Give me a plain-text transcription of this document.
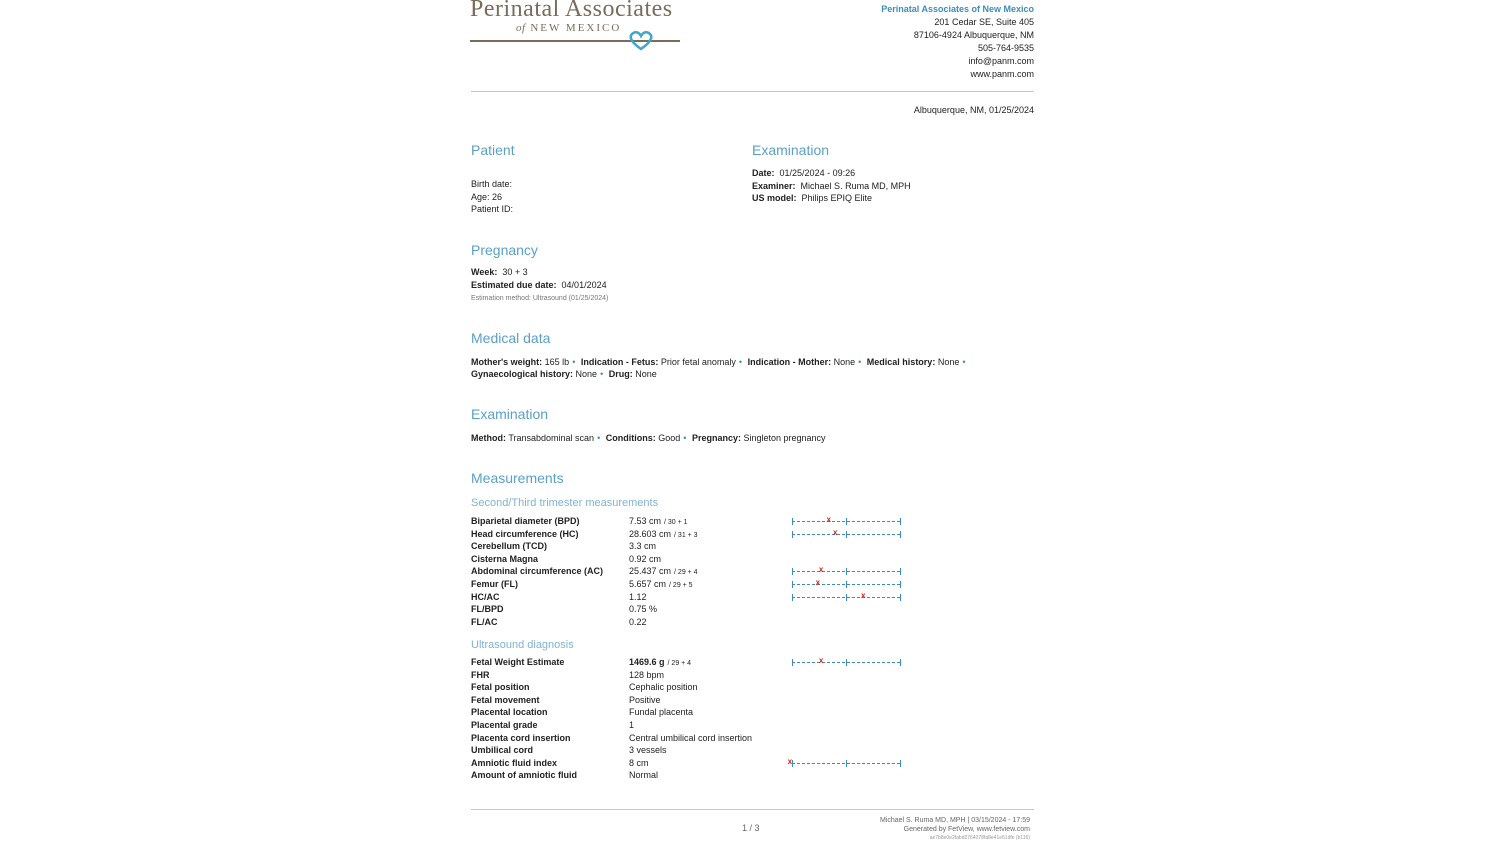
Perinatal Associates
of NEW MEXICO
Perinatal Associates of New Mexico
201 Cedar SE, Suite 405
87106-4924 Albuquerque, NM
505-764-9535
info@panm.com
www.panm.com
Albuquerque, NM, 01/25/2024
Patient
Birth date:
Age: 26
Patient ID:
Examination
Date: 01/25/2024 - 09:26
Examiner: Michael S. Ruma MD, MPH
US model: Philips EPIQ Elite
Pregnancy
Week: 30 + 3
Estimated due date: 04/01/2024
Estimation method: Ultrasound (01/25/2024)
Medical data
Mother's weight: 165 lb • Indication - Fetus: Prior fetal anomaly • Indication - Mother: None • Medical history: None •
Gynaecological history: None • Drug: None
Examination
Method: Transabdominal scan • Conditions: Good • Pregnancy: Singleton pregnancy
Measurements
Second/Third trimester measurements
Biparietal diameter (BPD)	7.53 cm / 30 + 1	x
Head circumference (HC)	28.603 cm / 31 + 3	x
Cerebellum (TCD)	3.3 cm
Cisterna Magna	0.92 cm
Abdominal circumference (AC)	25.437 cm / 29 + 4	x
Femur (FL)	5.657 cm / 29 + 5	x
HC/AC	1.12	x
FL/BPD	0.75 %
FL/AC	0.22
Ultrasound diagnosis
Fetal Weight Estimate	1469.6 g / 29 + 4	x
FHR	128 bpm
Fetal position	Cephalic position
Fetal movement	Positive
Placental location	Fundal placenta
Placental grade	1
Placenta cord insertion	Central umbilical cord insertion
Umbilical cord	3 vessels
Amniotic fluid index	8 cm	x
Amount of amniotic fluid	Normal
1 / 3
Michael S. Ruma MD, MPH | 03/15/2024 - 17:59
Generated by FetView, www.fetview.com
ae7b8e0e2fabd2764078fa8e41e61dfe (b116)
